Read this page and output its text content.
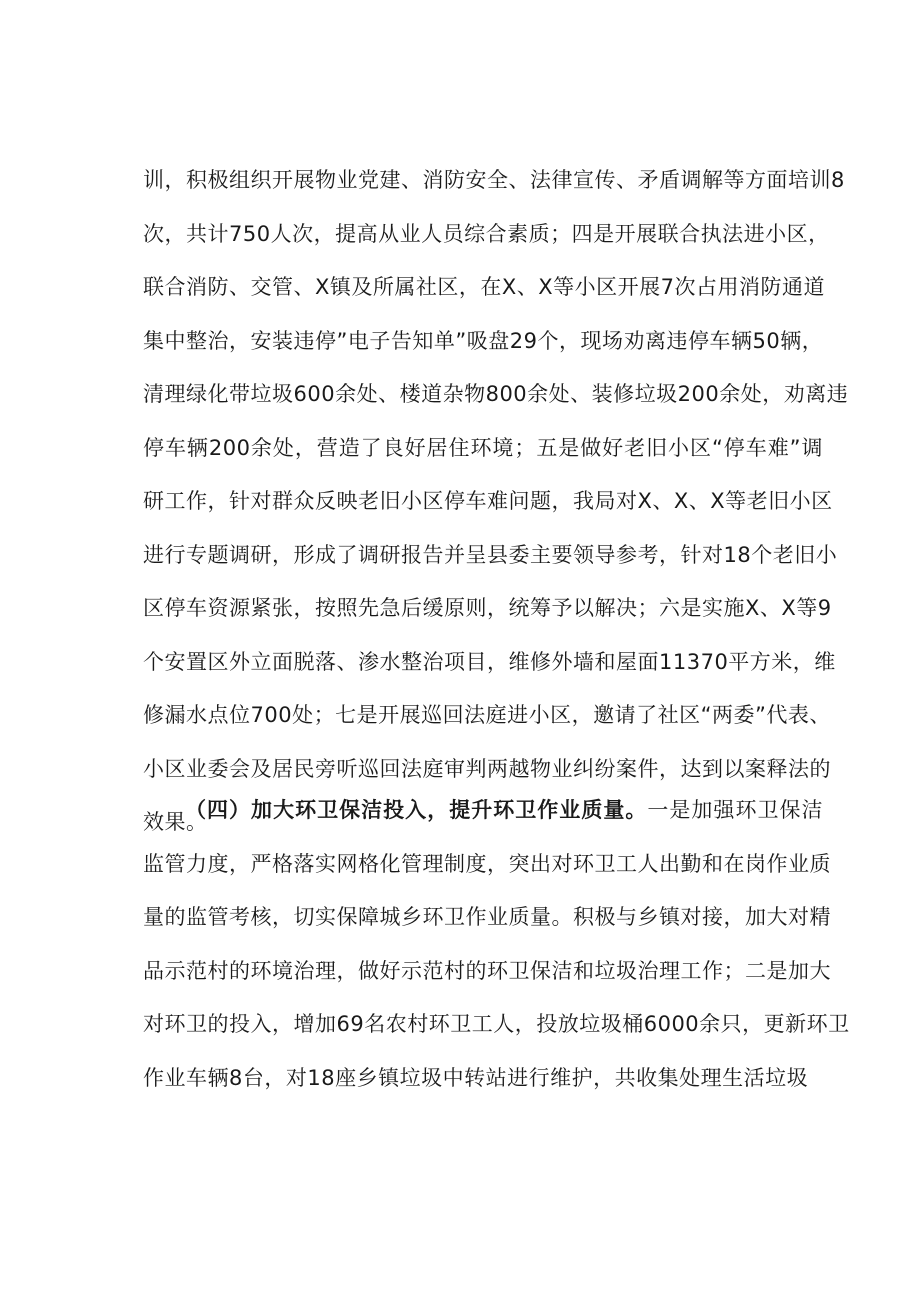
训，积极组织开展物业党建、消防安全、法律宣传、矛盾调解等方面培训8
次，共计750人次，提高从业人员综合素质；四是开展联合执法进小区，
联合消防、交管、X镇及所属社区，在X、X等小区开展7次占用消防通道
集中整治，安装违停”电子告知单”吸盘29个，现场劝离违停车辆50辆，
清理绿化带垃圾600余处、楼道杂物800余处、装修垃圾200余处，劝离违
停车辆200余处，营造了良好居住环境；五是做好老旧小区“停车难”调
研工作，针对群众反映老旧小区停车难问题，我局对X、X、X等老旧小区
进行专题调研，形成了调研报告并呈县委主要领导参考，针对18个老旧小
区停车资源紧张，按照先急后缓原则，统筹予以解决；六是实施X、X等9
个安置区外立面脱落、渗水整治项目，维修外墙和屋面11370平方米，维
修漏水点位700处；七是开展巡回法庭进小区，邀请了社区“两委”代表、
小区业委会及居民旁听巡回法庭审判两越物业纠纷案件，达到以案释法的
效果。
（四）加大环卫保洁投入，提升环卫作业质量。一是加强环卫保洁
监管力度，严格落实网格化管理制度，突出对环卫工人出勤和在岗作业质
量的监管考核，切实保障城乡环卫作业质量。积极与乡镇对接，加大对精
品示范村的环境治理，做好示范村的环卫保洁和垃圾治理工作；二是加大
对环卫的投入，增加69名农村环卫工人，投放垃圾桶6000余只，更新环卫
作业车辆8台，对18座乡镇垃圾中转站进行维护，共收集处理生活垃圾
